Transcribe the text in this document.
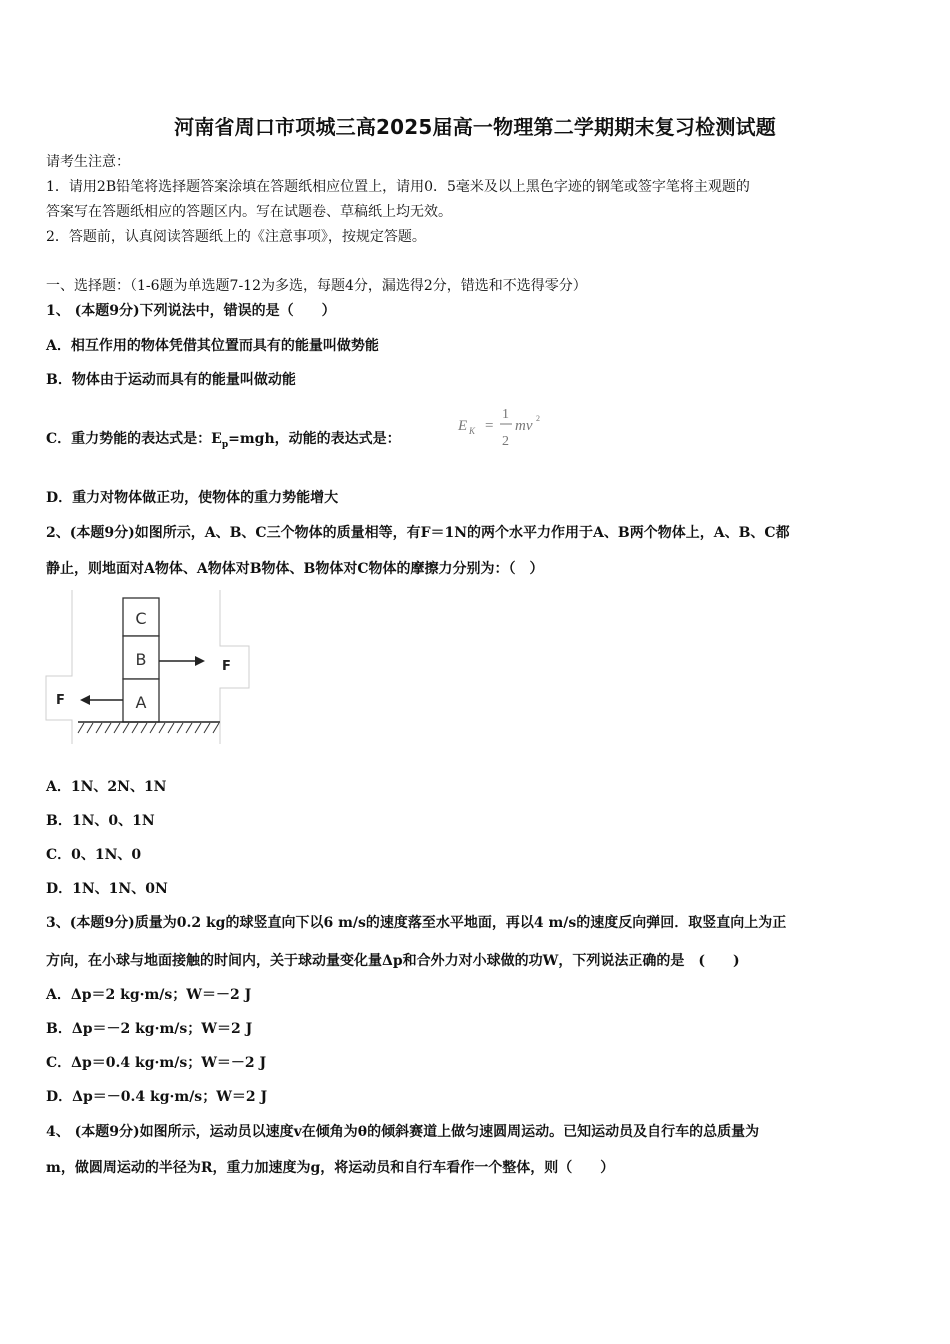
河南省周口市项城三高2025届高一物理第二学期期末复习检测试题
请考生注意：
1．请用2B铅笔将选择题答案涂填在答题纸相应位置上，请用0．5毫米及以上黑色字迹的钢笔或签字笔将主观题的
答案写在答题纸相应的答题区内。写在试题卷、草稿纸上均无效。
2．答题前，认真阅读答题纸上的《注意事项》，按规定答题。
一、选择题：（1-6题为单选题7-12为多选，每题4分，漏选得2分，错选和不选得零分）
1、 (本题9分)下列说法中，错误的是（　　）
A．相互作用的物体凭借其位置而具有的能量叫做势能
B．物体由于运动而具有的能量叫做动能
C．重力势能的表达式是：$E_p=mgh$，动能的表达式是：
E K =
1
2
mv 2
D．重力对物体做正功，使物体的重力势能增大
2、(本题9分)如图所示，A、B、C三个物体的质量相等，有F＝1N的两个水平力作用于A、B两个物体上，A、B、C都
静止，则地面对A物体、A物体对B物体、B物体对C物体的摩擦力分别为：（　）
C
B
A
F
F
A．1N、2N、1N
B．1N、0、1N
C．0、1N、0
D．1N、1N、0N
3、(本题9分)质量为0.2 kg的球竖直向下以6 m/s的速度落至水平地面，再以4 m/s的速度反向弹回．取竖直向上为正
方向，在小球与地面接触的时间内，关于球动量变化量Δp和合外力对小球做的功W，下列说法正确的是　(　　)
A．Δp＝2 kg·m/s；W＝－2 J
B．Δp＝－2 kg·m/s；W＝2 J
C．Δp＝0.4 kg·m/s；W＝－2 J
D．Δp＝－0.4 kg·m/s；W＝2 J
4、 (本题9分)如图所示，运动员以速度v在倾角为θ的倾斜赛道上做匀速圆周运动。已知运动员及自行车的总质量为
m，做圆周运动的半径为R，重力加速度为g，将运动员和自行车看作一个整体，则（　　）
